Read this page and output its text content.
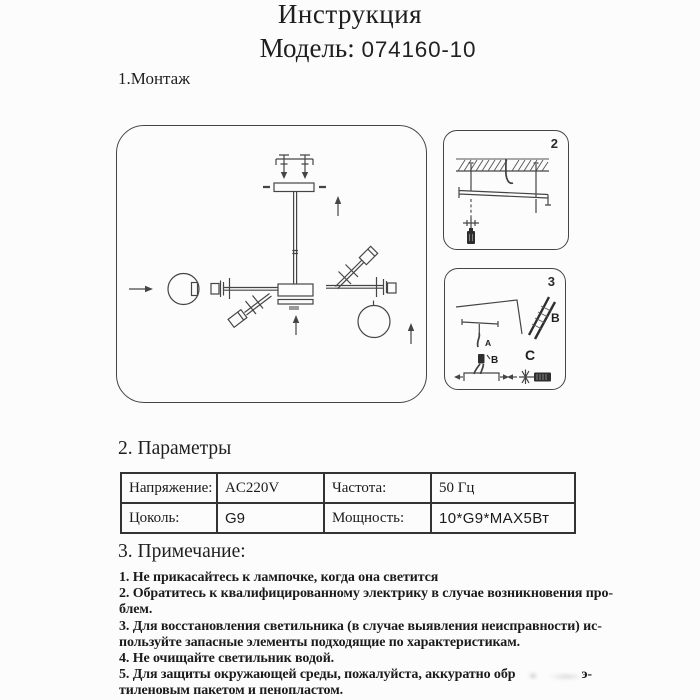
Инструкция
Модель: 074160-10
1.Монтаж
2
3
A
B
B
C
2. Параметры
Напряжение:	AC220V	Частота:	50 Гц
Цоколь:	G9	Мощность:	10*G9*MAX5Вт
3. Примечание:
1. Не прикасайтесь к лампочке, когда она светится
2. Обратитесь к квалифицированному электрику в случае возникновения про-
блем.
3. Для восстановления светильника (в случае выявления неисправности) ис-
пользуйте запасные элементы подходящие по характеристикам.
4. Не очищайте светильник водой.
5. Для защиты окружающей среды, пожалуйста, аккуратно обр	э-
тиленовым пакетом и пенопластом.
